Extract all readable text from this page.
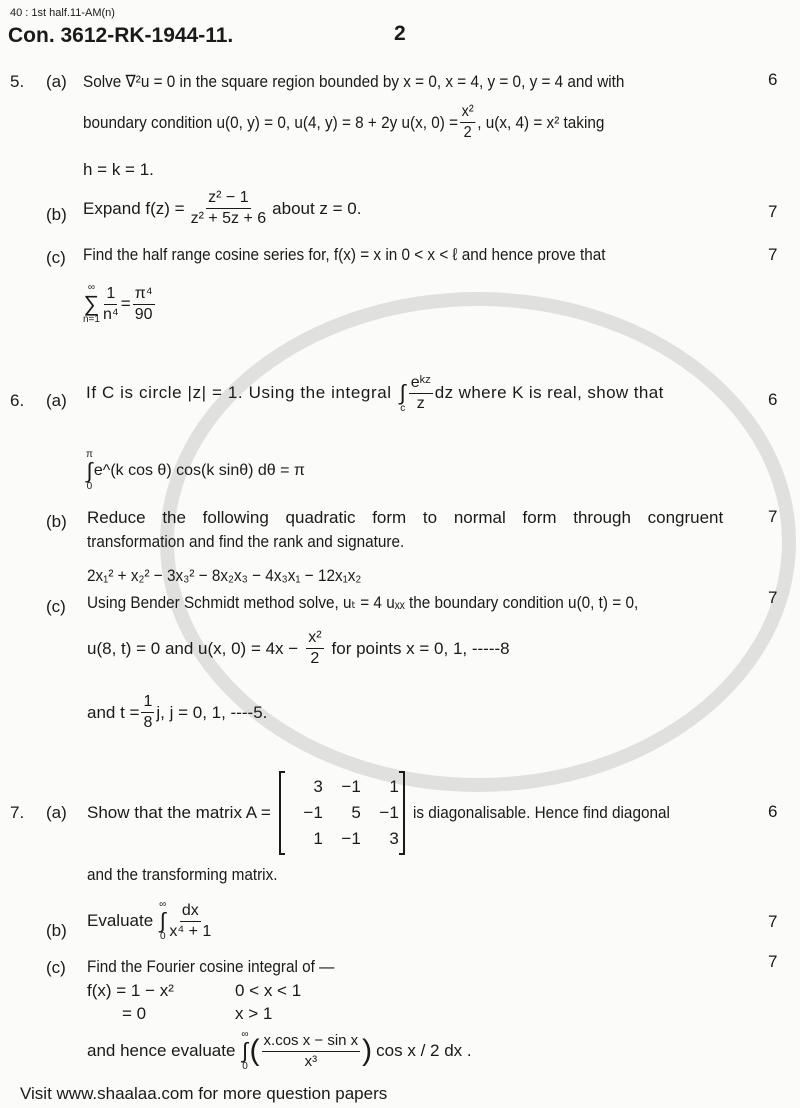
40 : 1st half.11-AM(n)
Con. 3612-RK-1944-11.	2
5. (a) Solve ∇²u = 0 in the square region bounded by x = 0, x = 4, y = 0, y = 4 and with	6
boundary condition u(0, y) = 0, u(4, y) = 8 + 2y u(x, $0) = \frac{\text{x²}}{2}$ , u(x, 4) = x² taking
h = k = 1.
(b) Expand $f(z) = \frac{\text{z² − 1}}{\text{z² + 5z + 6}}$ about z = 0.	7
(c) Find the half range cosine series for, f(x) = x in 0 < x < ℓ and hence prove that	7
∞
∑
$n=1 \frac{1}{\text{n⁴}} = \frac{\text{π⁴}}{90}$
6. (a) If C is circle |z| = 1. Using the integral
∫
c $\frac{\text{eᵏᶻ}}{z}$ dz where K is real, show that	6
π
∫
0
e^(k cos θ) cos(k sinθ) dθ = π
(b) Reduce the following quadratic form to normal form through congruent	7
transformation and find the rank and signature.
2x₁² + x₂² − 3x₃² − 8x₂x₃ − 4x₃x₁ − 12x₁x₂
(c) Using Bender Schmidt method solve, uₜ = 4 uₓₓ the boundary condition u(0, t) = 0,	7
u(8, t) = 0 and u(x, $0) = 4x - \frac{\text{x²}}{2}$ for points x = 0, 1, -----8
and $t = \frac{1}{8} j$, j = 0, 1, ----5.
7. (a) Show that the matrix A =
3	−1	1
−1	5	−1
1	−1	3
is diagonalisable. Hence find diagonal	6
and the transforming matrix.
(b)
Evaluate
∞
∫
$0 \frac{dx}{\text{x⁴ + 1}}$	7
(c) Find the Fourier cosine integral of —	7
f(x) = 1 − x²	0 < x < 1
= 0	x > 1
and hence evaluate
∞
∫
0 ( $\frac{\text{x.cos x − sin x}}{\text{x³}}$ ) cos x / 2 dx .
Visit www.shaalaa.com for more question papers
